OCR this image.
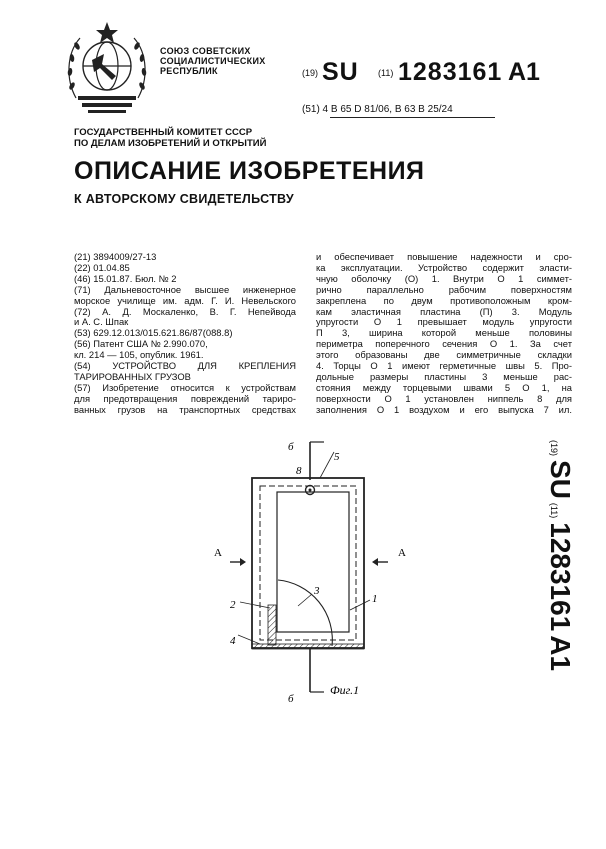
СОЮЗ СОВЕТСКИХ
СОЦИАЛИСТИЧЕСКИХ
РЕСПУБЛИК	(19) SU (11) 1283161 A1
(51) 4 B 65 D 81/06, B 63 B 25/24
ГОСУДАРСТВЕННЫЙ КОМИТЕТ СССР
ПО ДЕЛАМ ИЗОБРЕТЕНИЙ И ОТКРЫТИЙ
ОПИСАНИЕ ИЗОБРЕТЕНИЯ
К АВТОРСКОМУ СВИДЕТЕЛЬСТВУ
(21) 3894009/27-13
(22) 01.04.85
(46) 15.01.87. Бюл. № 2
(71) Дальневосточное высшее инженерное
морское училище им. адм. Г. И. Невельского
(72) А. Д. Москаленко, В. Г. Непейвода
и А. С. Шпак
(53) 629.12.013/015.621.86/87(088.8)
(56) Патент США № 2.990.070,
кл. 214 — 105, опублик. 1961.
(54) УСТРОЙСТВО ДЛЯ КРЕПЛЕНИЯ
ТАРИРОВАННЫХ ГРУЗОВ
(57) Изобретение относится к устройствам
для предотвращения повреждений тариро-
ванных грузов на транспортных средствах
и обеспечивает повышение надежности и сро-
ка эксплуатации. Устройство содержит эласти-
чную оболочку (О) 1. Внутри О 1 симмет-
рично параллельно рабочим поверхностям
закреплена по двум противоположным кром-
кам эластичная пластина (П) 3. Модуль
упругости О 1 превышает модуль упругости
П 3, ширина которой меньше половины
периметра поперечного сечения О 1. За счет
этого образованы две симметричные складки
4. Торцы О 1 имеют герметичные швы 5. Про-
дольные размеры пластины 3 меньше рас-
стояния между торцевыми швами 5 О 1, на
поверхности О 1 установлен ниппель 8 для
заполнения О 1 воздухом и его выпуска 7 ил.
б
8
5
А	А
2
3
1
4
б
Фиг.1
(19)
SU
(11)
1283161
A1
